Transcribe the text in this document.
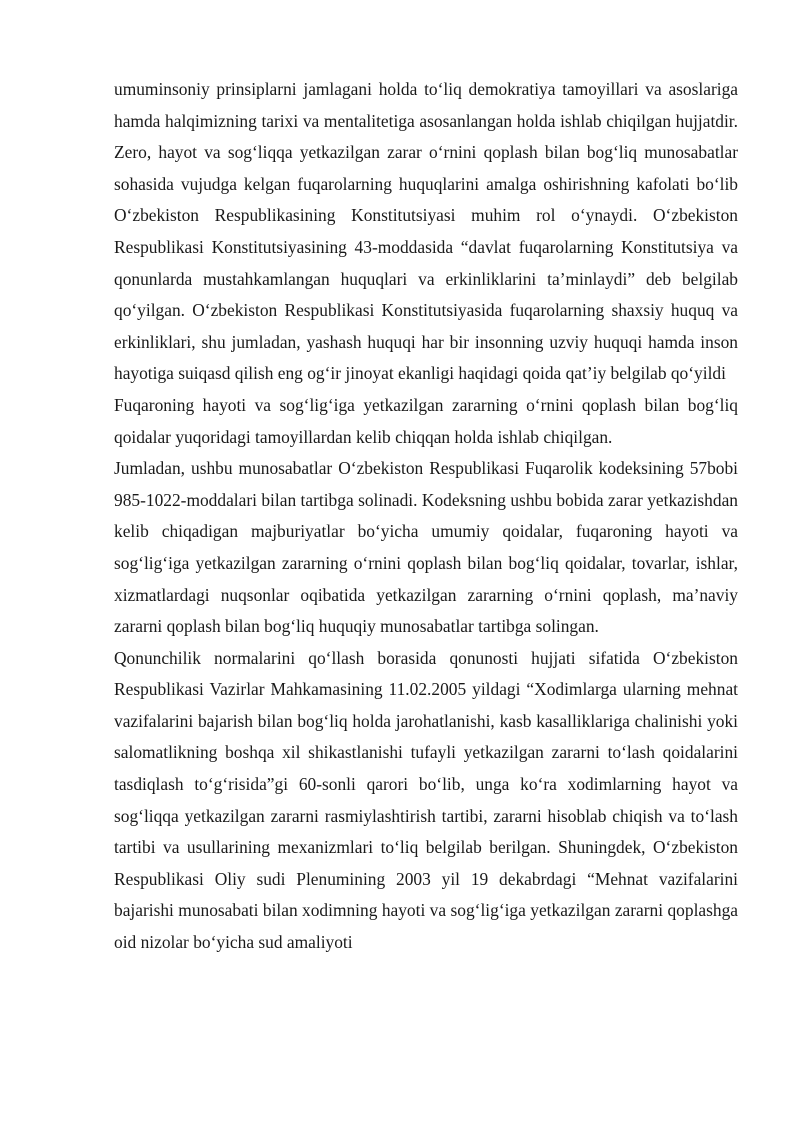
umuminsoniy prinsiplarni jamlagani holda to‘liq demokratiya tamoyillari va asoslariga hamda halqimizning tarixi va mentalitetiga asosanlangan holda ishlab chiqilgan hujjatdir. Zero, hayot va sog‘liqqa yetkazilgan zarar o‘rnini qoplash bilan bog‘liq munosabatlar sohasida vujudga kelgan fuqarolarning huquqlarini amalga oshirishning kafolati bo‘lib O‘zbekiston Respublikasining Konstitutsiyasi muhim rol o‘ynaydi. O‘zbekiston Respublikasi Konstitutsiyasining 43-moddasida “davlat fuqarolarning Konstitutsiya va qonunlarda mustahkamlangan huquqlari va erkinliklarini ta’minlaydi” deb belgilab qo‘yilgan. O‘zbekiston Respublikasi Konstitutsiyasida fuqarolarning shaxsiy huquq va erkinliklari, shu jumladan, yashash huquqi har bir insonning uzviy huquqi hamda inson hayotiga suiqasd qilish eng og‘ir jinoyat ekanligi haqidagi qoida qat’iy belgilab qo‘yildi

Fuqaroning hayoti va sog‘lig‘iga yetkazilgan zararning o‘rnini qoplash bilan bog‘liq qoidalar yuqoridagi tamoyillardan kelib chiqqan holda ishlab chiqilgan.

Jumladan, ushbu munosabatlar O‘zbekiston Respublikasi Fuqarolik kodeksining 57bobi 985-1022-moddalari bilan tartibga solinadi. Kodeksning ushbu bobida zarar yetkazishdan kelib chiqadigan majburiyatlar bo‘yicha umumiy qoidalar, fuqaroning hayoti va sog‘lig‘iga yetkazilgan zararning o‘rnini qoplash bilan bog‘liq qoidalar, tovarlar, ishlar, xizmatlardagi nuqsonlar oqibatida yetkazilgan zararning o‘rnini qoplash, ma’naviy zararni qoplash bilan bog‘liq huquqiy munosabatlar tartibga solingan.

Qonunchilik normalarini qo‘llash borasida qonunosti hujjati sifatida O‘zbekiston Respublikasi Vazirlar Mahkamasining 11.02.2005 yildagi “Xodimlarga ularning mehnat vazifalarini bajarish bilan bog‘liq holda jarohatlanishi, kasb kasalliklariga chalinishi yoki salomatlikning boshqa xil shikastlanishi tufayli yetkazilgan zararni to‘lash qoidalarini tasdiqlash to‘g‘risida”gi 60-sonli qarori bo‘lib, unga ko‘ra xodimlarning hayot va sog‘liqqa yetkazilgan zararni rasmiylashtirish tartibi, zararni hisoblab chiqish va to‘lash tartibi va usullarining mexanizmlari to‘liq belgilab berilgan. Shuningdek, O‘zbekiston Respublikasi Oliy sudi Plenumining 2003 yil 19 dekabrdagi “Mehnat vazifalarini bajarishi munosabati bilan xodimning hayoti va sog‘lig‘iga yetkazilgan zararni qoplashga oid nizolar bo‘yicha sud amaliyoti
